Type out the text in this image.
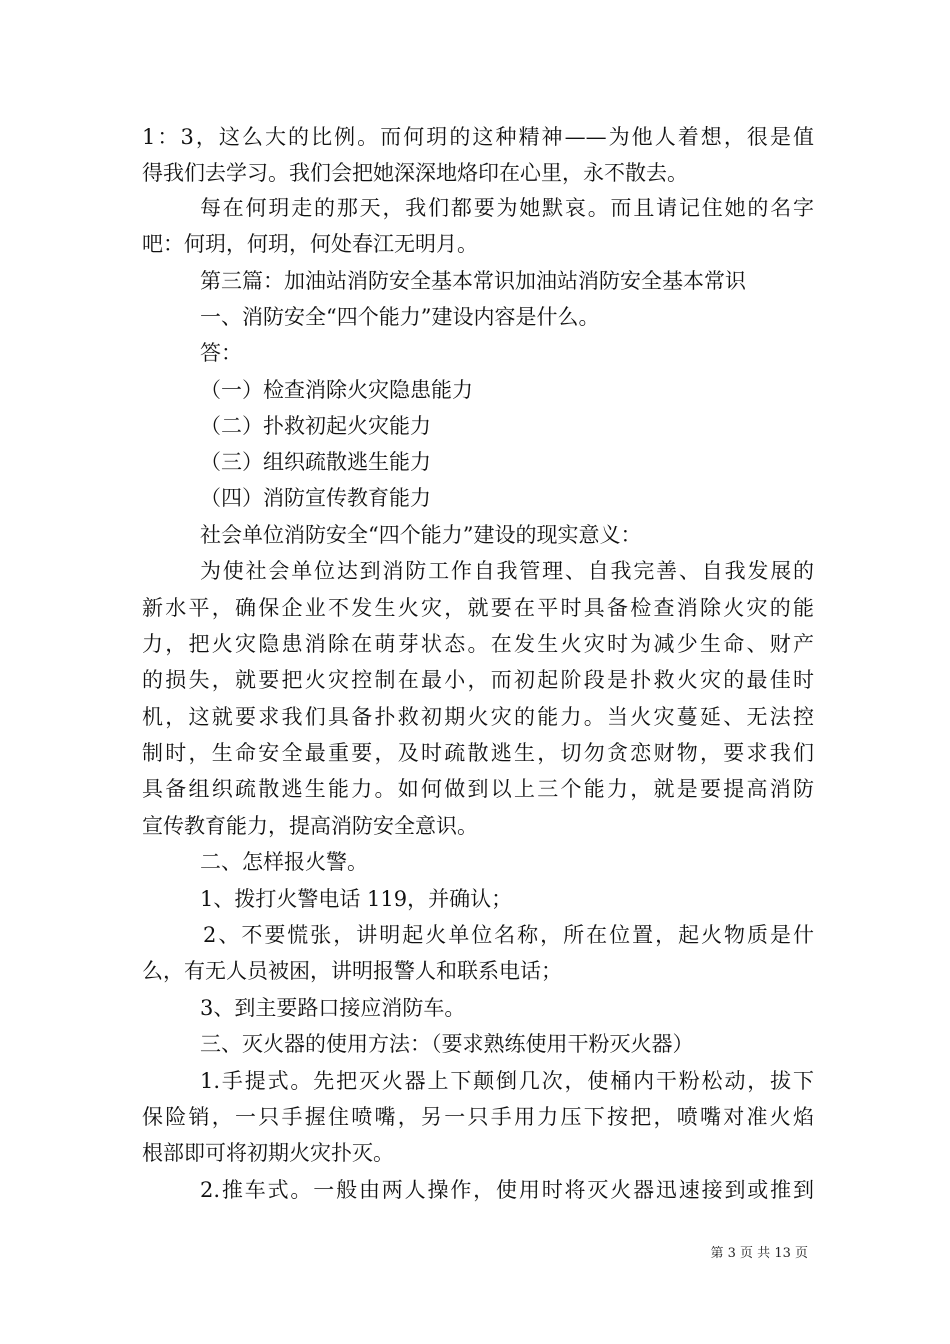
1：3，这么大的比例。而何玥的这种精神——为他人着想，很是值
得我们去学习。我们会把她深深地烙印在心里，永不散去。
每在何玥走的那天，我们都要为她默哀。而且请记住她的名字
吧：何玥，何玥，何处春江无明月。
第三篇：加油站消防安全基本常识加油站消防安全基本常识
一、消防安全“四个能力”建设内容是什么。
答：
（一）检查消除火灾隐患能力
（二）扑救初起火灾能力
（三）组织疏散逃生能力
（四）消防宣传教育能力
社会单位消防安全“四个能力”建设的现实意义：
为使社会单位达到消防工作自我管理、自我完善、自我发展的
新水平，确保企业不发生火灾，就要在平时具备检查消除火灾的能
力，把火灾隐患消除在萌芽状态。在发生火灾时为减少生命、财产
的损失，就要把火灾控制在最小，而初起阶段是扑救火灾的最佳时
机，这就要求我们具备扑救初期火灾的能力。当火灾蔓延、无法控
制时，生命安全最重要，及时疏散逃生，切勿贪恋财物，要求我们
具备组织疏散逃生能力。如何做到以上三个能力，就是要提高消防
宣传教育能力，提高消防安全意识。
二、怎样报火警。
1、拨打火警电话 119，并确认；
2、不要慌张，讲明起火单位名称，所在位置，起火物质是什
么，有无人员被困，讲明报警人和联系电话；
3、到主要路口接应消防车。
三、灭火器的使用方法：（要求熟练使用干粉灭火器）
1.手提式。先把灭火器上下颠倒几次，使桶内干粉松动，拔下
保险销，一只手握住喷嘴，另一只手用力压下按把，喷嘴对准火焰
根部即可将初期火灾扑灭。
2.推车式。一般由两人操作，使用时将灭火器迅速接到或推到
第 3 页 共 13 页
